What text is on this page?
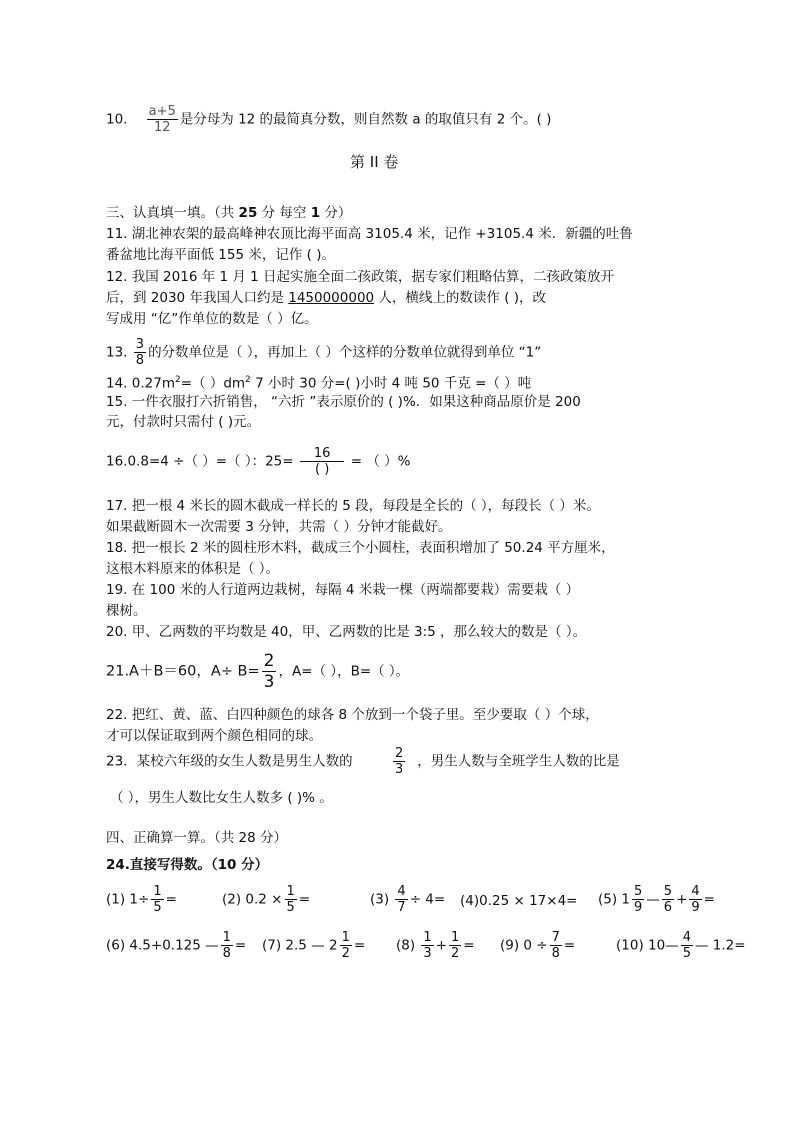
10. $\frac{a+5}{12}$ 是分母为 12 的最简真分数，则自然数 a 的取值只有 2 个。( )
第 II 卷
三、认真填一填。（共 25 分 每空 1 分）
11. 湖北神农架的最高峰神农顶比海平面高 3105.4 米，记作 +3105.4 米．新疆的吐鲁
番盆地比海平面低 155 米，记作 ( )。
12. 我国 2016 年 1 月 1 日起实施全面二孩政策，据专家们粗略估算，二孩政策放开
后，到 2030 年我国人口约是 1450000000 人，横线上的数读作 ( )，改
写成用 “亿”作单位的数是（ ）亿。
13. $\frac{3}{8}$ 的分数单位是（ ），再加上（ ）个这样的分数单位就得到单位 “1”
14. $0.27m^2=$（ ）$dm^2$ 7 小时 30 分=( )小时 4 吨 50 千克 =（ ）吨
15. 一件衣服打六折销售， “六折 ”表示原价的 ( )%．如果这种商品原价是 200
元，付款时只需付 ( )元。
16.0.8=4 ÷（ ）=（ ）：$25= \frac{16}{( )}$ = （ ）%
17. 把一根 4 米长的圆木截成一样长的 5 段，每段是全长的（ ），每段长（ ）米。
如果截断圆木一次需要 3 分钟，共需（ ）分钟才能截好。
18. 把一根长 2 米的圆柱形木料，截成三个小圆柱，表面积增加了 50.24 平方厘米，
这根木料原来的体积是（ ）。
19. 在 100 米的人行道两边栽树，每隔 4 米栽一棵（两端都要栽）需要栽（ ）
棵树。
20. 甲、乙两数的平均数是 40，甲、乙两数的比是 3:5 ，那么较大的数是（ ）。
21.A＋B＝60，$A\div B= \frac{2}{3}$ ，A=（ ），B=（ ）。
22. 把红、黄、蓝、白四种颜色的球各 8 个放到一个袋子里。至少要取（ ）个球，
才可以保证取到两个颜色相同的球。
23．某校六年级的女生人数是男生人数的	$\frac{2}{3}$ ，男生人数与全班学生人数的比是
（ ），男生人数比女生人数多 ( )% 。
四、正确算一算。（共 28 分）
24.直接写得数。（10 分）
(1) $1\div \frac{1}{5}$ =	(2) $0.2 \times \frac{1}{5}$ =	$(3) \frac{4}{7} \div 4= (4)0.25 \times 17\times 4= (5)$ $1 \frac{5}{9}$ — $\frac{5}{6} + \frac{4}{9}$ =
(6) 4.5+0.125 — $\frac{1}{8} = (7)$ 2.5 — $2 \frac{1}{2} = (8) \frac{1}{3} + \frac{1}{2} = (9) 0 \div \frac{7}{8}$ =	(10) 10— $\frac{4}{5}$ — 1.2=
